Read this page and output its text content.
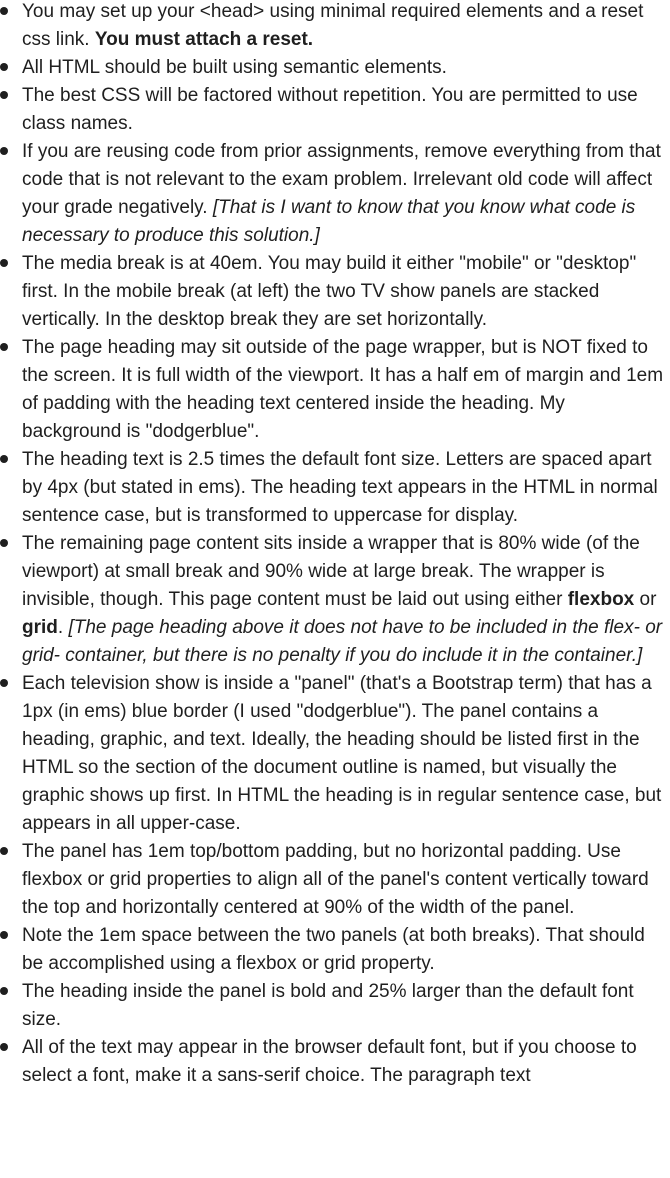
You may set up your <head> using minimal required elements and a reset css link. You must attach a reset.
All HTML should be built using semantic elements.
The best CSS will be factored without repetition. You are permitted to use class names.
If you are reusing code from prior assignments, remove everything from that code that is not relevant to the exam problem. Irrelevant old code will affect your grade negatively. [That is I want to know that you know what code is necessary to produce this solution.]
The media break is at 40em. You may build it either "mobile" or "desktop" first. In the mobile break (at left) the two TV show panels are stacked vertically. In the desktop break they are set horizontally.
The page heading may sit outside of the page wrapper, but is NOT fixed to the screen. It is full width of the viewport. It has a half em of margin and 1em of padding with the heading text centered inside the heading. My background is "dodgerblue".
The heading text is 2.5 times the default font size. Letters are spaced apart by 4px (but stated in ems). The heading text appears in the HTML in normal sentence case, but is transformed to uppercase for display.
The remaining page content sits inside a wrapper that is 80% wide (of the viewport) at small break and 90% wide at large break. The wrapper is invisible, though. This page content must be laid out using either flexbox or grid. [The page heading above it does not have to be included in the flex- or grid- container, but there is no penalty if you do include it in the container.]
Each television show is inside a "panel" (that's a Bootstrap term) that has a 1px (in ems) blue border (I used "dodgerblue"). The panel contains a heading, graphic, and text. Ideally, the heading should be listed first in the HTML so the section of the document outline is named, but visually the graphic shows up first. In HTML the heading is in regular sentence case, but appears in all upper-case.
The panel has 1em top/bottom padding, but no horizontal padding. Use flexbox or grid properties to align all of the panel's content vertically toward the top and horizontally centered at 90% of the width of the panel.
Note the 1em space between the two panels (at both breaks). That should be accomplished using a flexbox or grid property.
The heading inside the panel is bold and 25% larger than the default font size.
All of the text may appear in the browser default font, but if you choose to select a font, make it a sans-serif choice. The paragraph text
